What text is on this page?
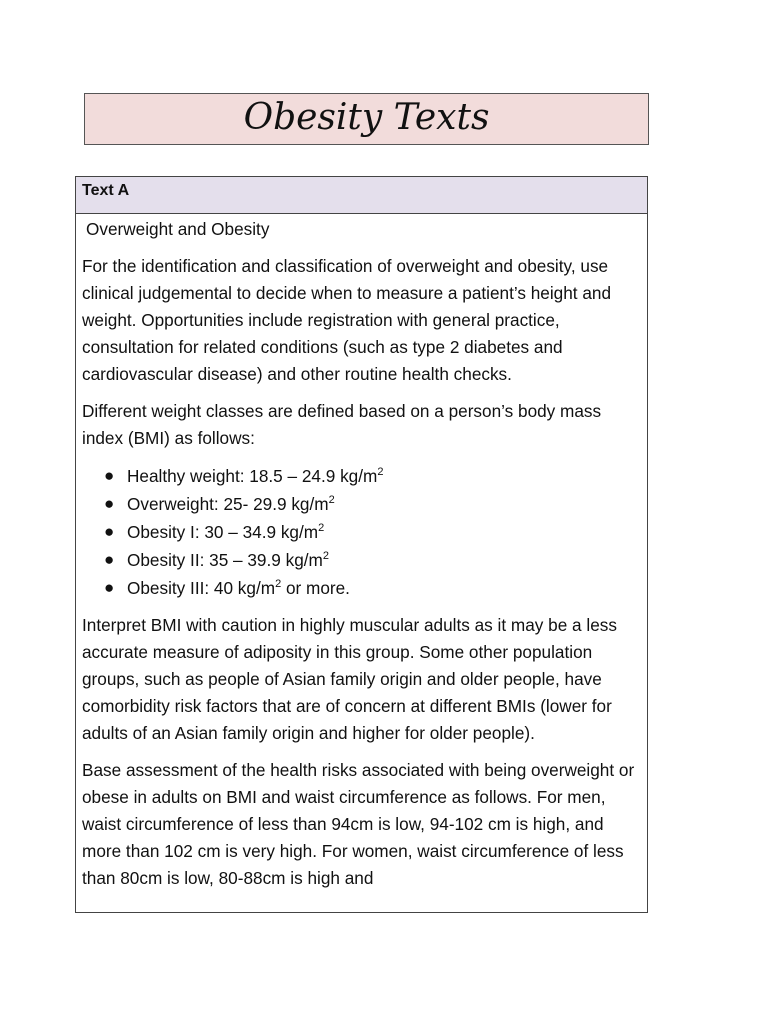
Obesity Texts
Text A

Overweight and Obesity

For the identification and classification of overweight and obesity, use clinical judgemental to decide when to measure a patient’s height and weight. Opportunities include registration with general practice, consultation for related conditions (such as type 2 diabetes and cardiovascular disease) and other routine health checks.

Different weight classes are defined based on a person’s body mass index (BMI) as follows:

● Healthy weight: 18.5 – 24.9 $kg/m^2$
● Overweight: 25- 29.9 $kg/m^2$
● Obesity I: 30 – 34.9 $kg/m^2$
● Obesity II: 35 – 39.9 $kg/m^2$
● Obesity III: 40 $kg/m^2$ or more.

Interpret BMI with caution in highly muscular adults as it may be a less accurate measure of adiposity in this group. Some other population groups, such as people of Asian family origin and older people, have comorbidity risk factors that are of concern at different BMIs (lower for adults of an Asian family origin and higher for older people).

Base assessment of the health risks associated with being overweight or obese in adults on BMI and waist circumference as follows. For men, waist circumference of less than 94cm is low, 94-102 cm is high, and more than 102 cm is very high. For women, waist circumference of less than 80cm is low, 80-88cm is high and
